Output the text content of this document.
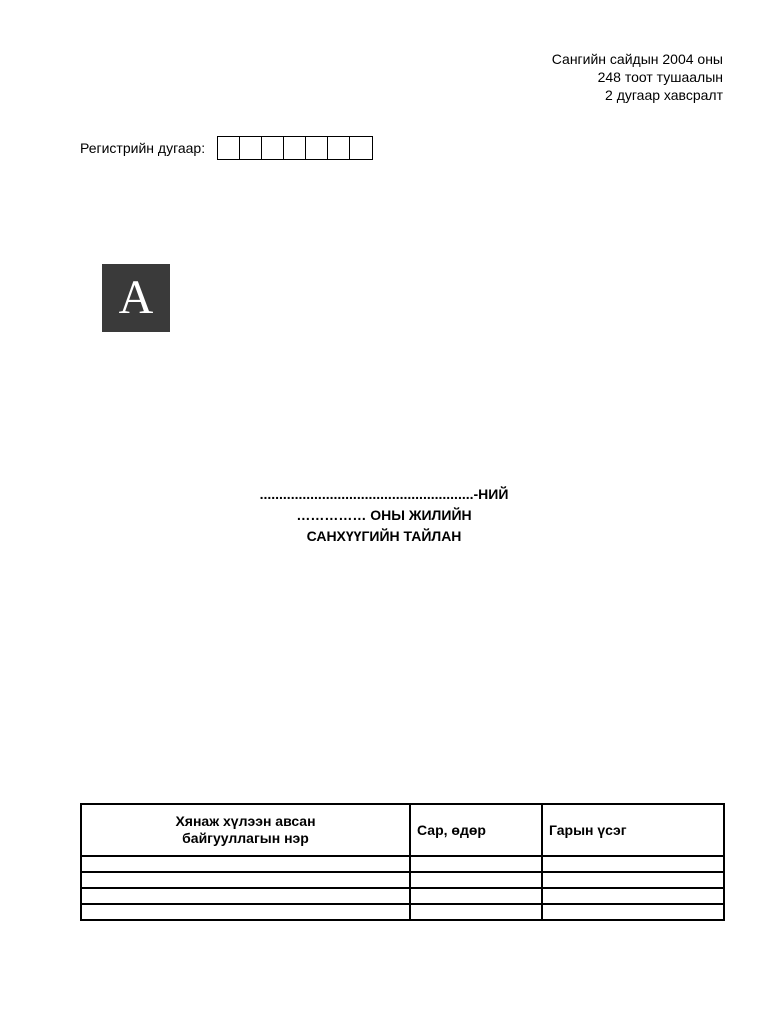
Сангийн сайдын 2004 оны
248 тоот тушаалын
2 дугаар хавсралт
Регистрийн дугаар:
A
.......................................................-НИЙ
…………… ОНЫ ЖИЛИЙН
САНХҮҮГИЙН ТАЙЛАН
Хянаж хүлээн авсан
байгууллагын нэр	Сар, өдөр	Гарын үсэг
